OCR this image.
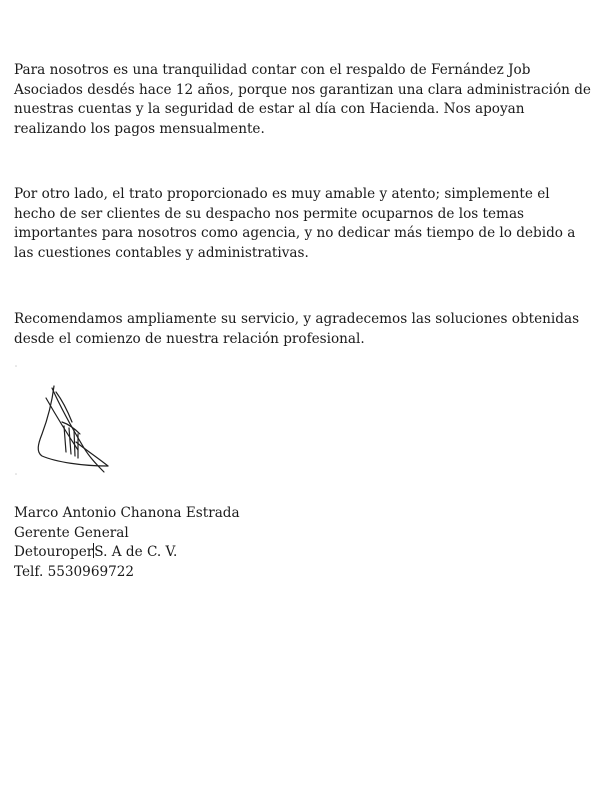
Para nosotros es una tranquilidad contar con el respaldo de Fernández Job
Asociados desdés hace 12 años, porque nos garantizan una clara administración de
nuestras cuentas y la seguridad de estar al día con Hacienda. Nos apoyan
realizando los pagos mensualmente.

Por otro lado, el trato proporcionado es muy amable y atento; simplemente el
hecho de ser clientes de su despacho nos permite ocuparnos de los temas
importantes para nosotros como agencia, y no dedicar más tiempo de lo debido a
las cuestiones contables y administrativas.

Recomendamos ampliamente su servicio, y agradecemos las soluciones obtenidas
desde el comienzo de nuestra relación profesional.

Marco Antonio Chanona Estrada
Gerente General
DetouroperS. A de C. V.
Telf. 5530969722
